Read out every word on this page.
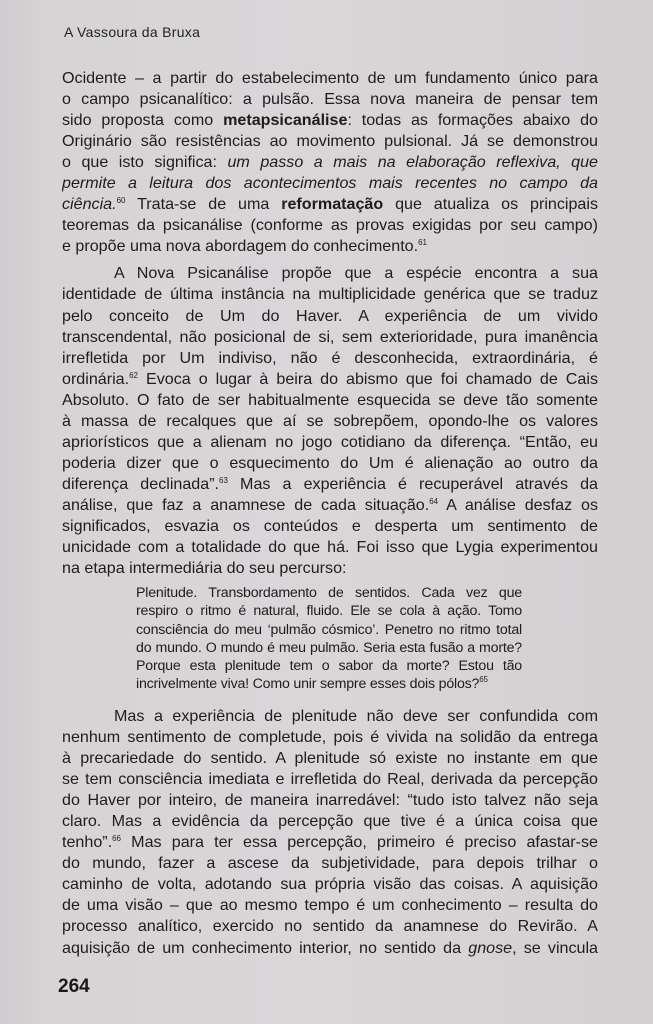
A Vassoura da Bruxa
Ocidente – a partir do estabelecimento de um fundamento único para
o campo psicanalítico: a pulsão. Essa nova maneira de pensar tem
sido proposta como metapsicanálise: todas as formações abaixo do
Originário são resistências ao movimento pulsional. Já se demonstrou
o que isto significa: um passo a mais na elaboração reflexiva, que
permite a leitura dos acontecimentos mais recentes no campo da
ciência.$^{60}$ Trata-se de uma reformatação que atualiza os principais
teoremas da psicanálise (conforme as provas exigidas por seu campo)
e propõe uma nova abordagem do conhecimento.$^{61}$
A Nova Psicanálise propõe que a espécie encontra a sua
identidade de última instância na multiplicidade genérica que se traduz
pelo conceito de Um do Haver. A experiência de um vivido
transcendental, não posicional de si, sem exterioridade, pura imanência
irrefletida por Um indiviso, não é desconhecida, extraordinária, é
ordinária.$^{62}$ Evoca o lugar à beira do abismo que foi chamado de Cais
Absoluto. O fato de ser habitualmente esquecida se deve tão somente
à massa de recalques que aí se sobrepõem, opondo-lhe os valores
apriorísticos que a alienam no jogo cotidiano da diferença. “Então, eu
poderia dizer que o esquecimento do Um é alienação ao outro da
diferença declinada”.$^{63}$ Mas a experiência é recuperável através da
análise, que faz a anamnese de cada situação.$^{64}$ A análise desfaz os
significados, esvazia os conteúdos e desperta um sentimento de
unicidade com a totalidade do que há. Foi isso que Lygia experimentou
na etapa intermediária do seu percurso:
Plenitude. Transbordamento de sentidos. Cada vez que
respiro o ritmo é natural, fluido. Ele se cola à ação. Tomo
consciência do meu ‘pulmão cósmico’. Penetro no ritmo total
do mundo. O mundo é meu pulmão. Seria esta fusão a morte?
Porque esta plenitude tem o sabor da morte? Estou tão
incrivelmente viva! Como unir sempre esses dois pólos?$^{65}$
Mas a experiência de plenitude não deve ser confundida com
nenhum sentimento de completude, pois é vivida na solidão da entrega
à precariedade do sentido. A plenitude só existe no instante em que
se tem consciência imediata e irrefletida do Real, derivada da percepção
do Haver por inteiro, de maneira inarredável: “tudo isto talvez não seja
claro. Mas a evidência da percepção que tive é a única coisa que
tenho”.$^{66}$ Mas para ter essa percepção, primeiro é preciso afastar-se
do mundo, fazer a ascese da subjetividade, para depois trilhar o
caminho de volta, adotando sua própria visão das coisas. A aquisição
de uma visão – que ao mesmo tempo é um conhecimento – resulta do
processo analítico, exercido no sentido da anamnese do Revirão. A
aquisição de um conhecimento interior, no sentido da gnose, se vincula
264
